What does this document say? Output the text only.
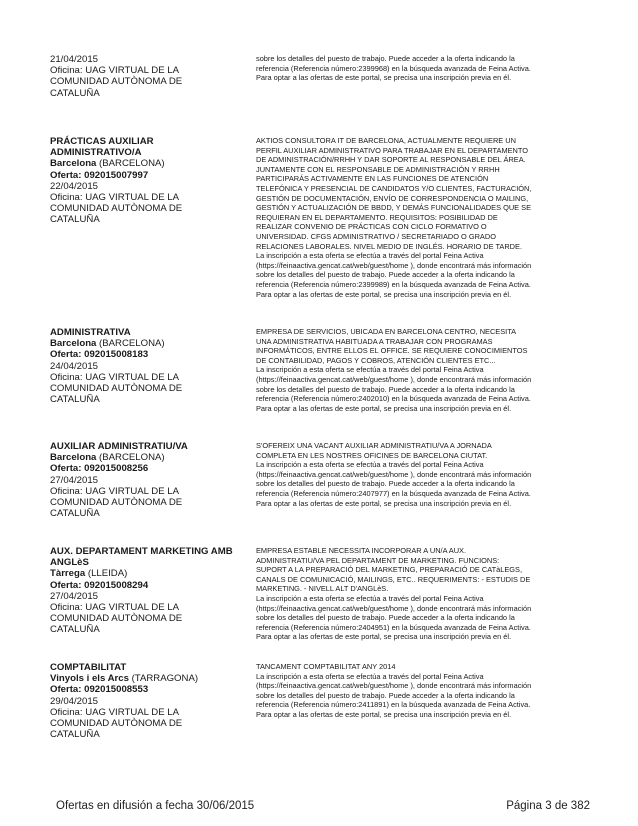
21/04/2015
Oficina: UAG VIRTUAL DE LA
COMUNIDAD AUTÒNOMA DE
CATALUÑA
sobre los detalles del puesto de trabajo. Puede acceder a la oferta indicando la
referencia (Referencia número:2399968) en la búsqueda avanzada de Feina Activa.
Para optar a las ofertas de este portal, se precisa una inscripción previa en él.
PRÁCTICAS AUXILIAR
ADMINISTRATIVO/A
Barcelona (BARCELONA)
Oferta: 092015007997
22/04/2015
Oficina: UAG VIRTUAL DE LA
COMUNIDAD AUTÒNOMA DE
CATALUÑA
AKTIOS CONSULTORA IT DE BARCELONA, ACTUALMENTE REQUIERE UN
PERFIL AUXILIAR ADMINISTRATIVO PARA TRABAJAR EN EL DEPARTAMENTO
DE ADMINISTRACIÓN/RRHH Y DAR SOPORTE AL RESPONSABLE DEL ÁREA.
JUNTAMENTE CON EL RESPONSABLE DE ADMINISTRACIÓN Y RRHH
PARTICIPARÁS ACTIVAMENTE EN LAS FUNCIONES DE ATENCIÓN
TELEFÓNICA Y PRESENCIAL DE CANDIDATOS Y/O CLIENTES, FACTURACIÓN,
GESTIÓN DE DOCUMENTACIÓN, ENVÍO DE CORRESPONDENCIA O MAILING,
GESTIÓN Y ACTUALIZACIÓN DE BBDD, Y DEMÁS FUNCIONALIDADES QUE SE
REQUIERAN EN EL DEPARTAMENTO. REQUISITOS: POSIBILIDAD DE
REALIZAR CONVENIO DE PRÁCTICAS CON CICLO FORMATIVO O
UNIVERSIDAD. CFGS ADMINISTRATIVO / SECRETARIADO O GRADO
RELACIONES LABORALES. NIVEL MEDIO DE INGLÉS. HORARIO DE TARDE.
La inscripción a esta oferta se efectúa a través del portal Feina Activa
(https://feinaactiva.gencat.cat/web/guest/home ), donde encontrará más información
sobre los detalles del puesto de trabajo. Puede acceder a la oferta indicando la
referencia (Referencia número:2399989) en la búsqueda avanzada de Feina Activa.
Para optar a las ofertas de este portal, se precisa una inscripción previa en él.
ADMINISTRATIVA
Barcelona (BARCELONA)
Oferta: 092015008183
24/04/2015
Oficina: UAG VIRTUAL DE LA
COMUNIDAD AUTÒNOMA DE
CATALUÑA
EMPRESA DE SERVICIOS, UBICADA EN BARCELONA CENTRO, NECESITA
UNA ADMINISTRATIVA HABITUADA A TRABAJAR CON PROGRAMAS
INFORMÁTICOS, ENTRE ELLOS EL OFFICE. SE REQUIERE CONOCIMIENTOS
DE CONTABILIDAD, PAGOS Y COBROS, ATENCIÓN CLIENTES ETC...
La inscripción a esta oferta se efectúa a través del portal Feina Activa
(https://feinaactiva.gencat.cat/web/guest/home ), donde encontrará más información
sobre los detalles del puesto de trabajo. Puede acceder a la oferta indicando la
referencia (Referencia número:2402010) en la búsqueda avanzada de Feina Activa.
Para optar a las ofertas de este portal, se precisa una inscripción previa en él.
AUXILIAR ADMINISTRATIU/VA
Barcelona (BARCELONA)
Oferta: 092015008256
27/04/2015
Oficina: UAG VIRTUAL DE LA
COMUNIDAD AUTÒNOMA DE
CATALUÑA
S'OFEREIX UNA VACANT AUXILIAR ADMINISTRATIU/VA A JORNADA
COMPLETA EN LES NOSTRES OFICINES DE BARCELONA CIUTAT.
La inscripción a esta oferta se efectúa a través del portal Feina Activa
(https://feinaactiva.gencat.cat/web/guest/home ), donde encontrará más información
sobre los detalles del puesto de trabajo. Puede acceder a la oferta indicando la
referencia (Referencia número:2407977) en la búsqueda avanzada de Feina Activa.
Para optar a las ofertas de este portal, se precisa una inscripción previa en él.
AUX. DEPARTAMENT MARKETING AMB
ANGLèS
Tàrrega (LLEIDA)
Oferta: 092015008294
27/04/2015
Oficina: UAG VIRTUAL DE LA
COMUNIDAD AUTÒNOMA DE
CATALUÑA
EMPRESA ESTABLE NECESSITA INCORPORAR A UN/A AUX.
ADMINISTRATIU/VA PEL DEPARTAMENT DE MARKETING. FUNCIONS:
SUPORT A LA PREPARACIÓ DEL MARKETING, PREPARACIÓ DE CATàLEGS,
CANALS DE COMUNICACIÓ, MAILINGS, ETC.. REQUERIMENTS: - ESTUDIS DE
MARKETING. - NIVELL ALT D'ANGLèS.
La inscripción a esta oferta se efectúa a través del portal Feina Activa
(https://feinaactiva.gencat.cat/web/guest/home ), donde encontrará más información
sobre los detalles del puesto de trabajo. Puede acceder a la oferta indicando la
referencia (Referencia número:2404951) en la búsqueda avanzada de Feina Activa.
Para optar a las ofertas de este portal, se precisa una inscripción previa en él.
COMPTABILITAT
Vinyols i els Arcs (TARRAGONA)
Oferta: 092015008553
29/04/2015
Oficina: UAG VIRTUAL DE LA
COMUNIDAD AUTÒNOMA DE
CATALUÑA
TANCAMENT COMPTABILITAT ANY 2014
La inscripción a esta oferta se efectúa a través del portal Feina Activa
(https://feinaactiva.gencat.cat/web/guest/home ), donde encontrará más información
sobre los detalles del puesto de trabajo. Puede acceder a la oferta indicando la
referencia (Referencia número:2411891) en la búsqueda avanzada de Feina Activa.
Para optar a las ofertas de este portal, se precisa una inscripción previa en él.
Ofertas en difusión a fecha 30/06/2015	Página 3 de 382
